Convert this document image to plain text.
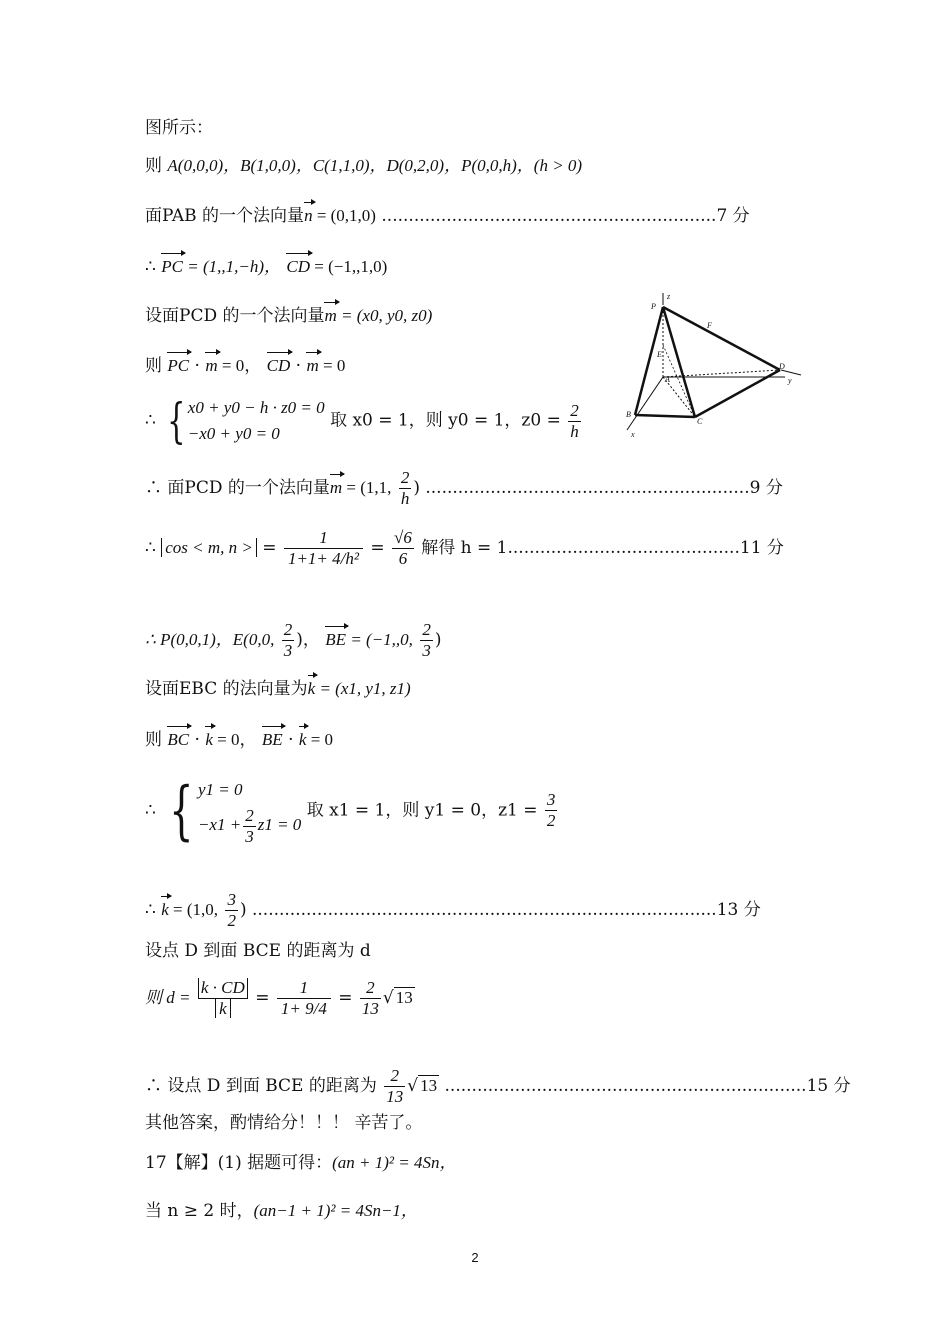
图所示：
则 A(0,0,0)，B(1,0,0)，C(1,1,0)，D(0,2,0)，P(0,0,h)，(h > 0)
面PAB 的一个法向量n = (0,1,0) ..............................................................7 分
∴ PC = (1,,1,−h)， CD = (−1,,1,0)
设面PCD 的一个法向量m = (x0, y0, z0)
则 PC · m = 0， CD · m = 0
∴ { x0 + y0 − h · z0 = 0
−x0 + y0 = 0
取 x0 = 1，则 y0 = 1，$z0 = \frac{2}{h}$
∴ 面PCD 的一个法向量m = (1,1, $\frac{2}{h}$ ) ............................................................9 分
∴ cos < m, n > = $\frac{1}{\text{1+1+ 4/h²}} = \frac{√6}{6}$ 解得 h = 1...........................................11 分
∴ P(0,0,1)，E(0,0, $\frac{2}{3}$ )， BE = (−1,,0, $\frac{2}{3}$ )
设面EBC 的法向量为k = (x1, y1, z1)
则 BC · k = 0， BE · k = 0
∴ { y1 = 0
$-x1 + \frac{2}{3} z1 = 0$
取 x1 = 1，则 y1 = 0，$z1 = \frac{3}{2}$
∴ k = (1,0, $\frac{3}{2}$ ) ......................................................................................13 分
设点 D 到面 BCE 的距离为 d
则 $d = \frac{k \cdot CD}{k} = \frac{1}{1+ 9/4} = \frac{2}{13}$ √ 13
∴ 设点 D 到面 BCE 的距离为 $\frac{2}{13}$ √ 13 ...................................................................15 分
其他答案，酌情给分！！！ 辛苦了。
17【解】(1) 据题可得：(an + 1)² = 4Sn，
当 n ≥ 2 时，(an−1 + 1)² = 4Sn−1，
P
z
F
D
y
A
B
C
x
E
2
